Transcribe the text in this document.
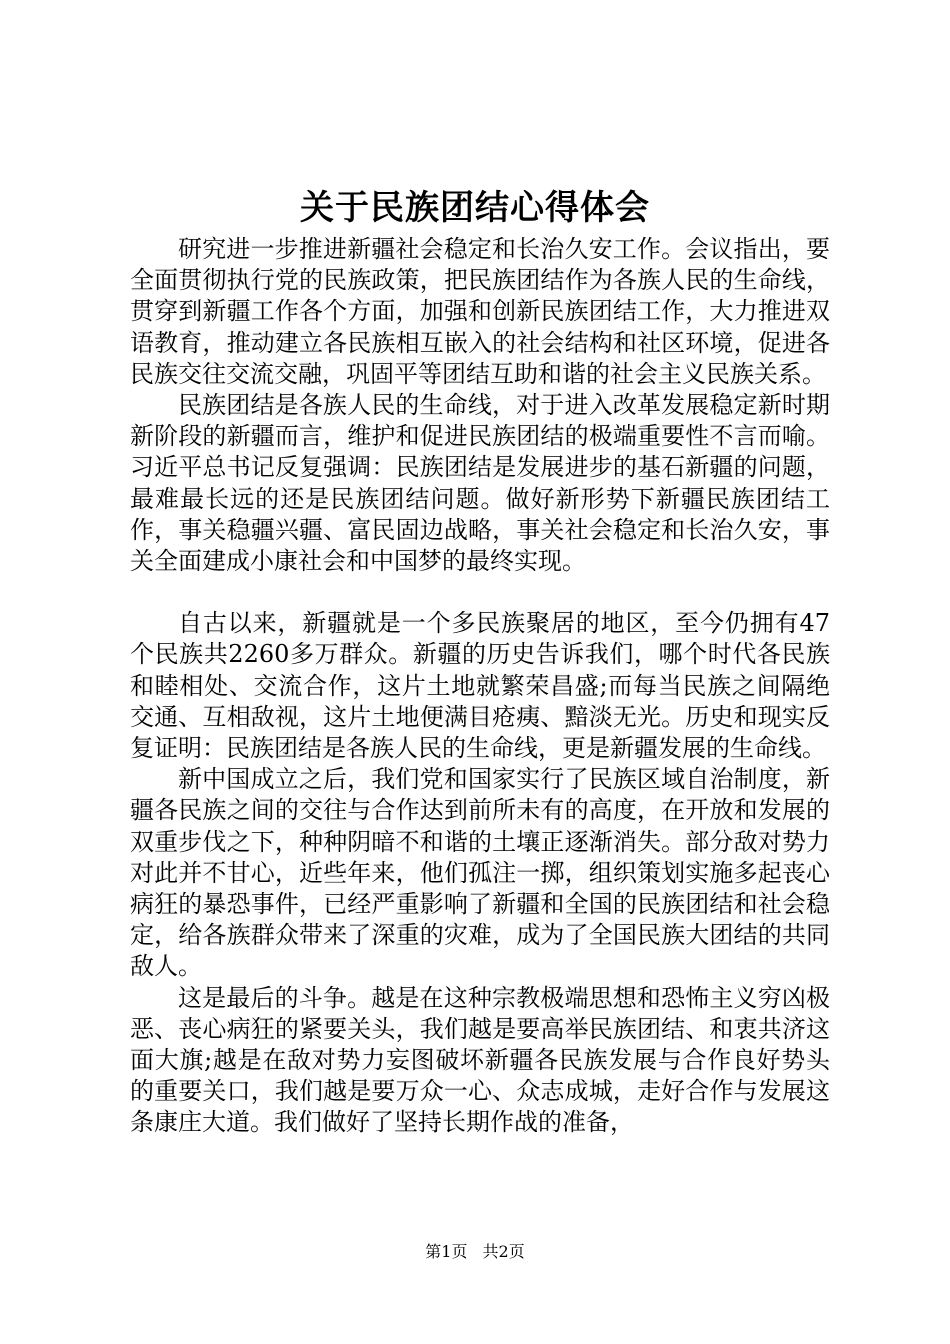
关于民族团结心得体会

研究进一步推进新疆社会稳定和长治久安工作。会议指出，要全面贯彻执行党的民族政策，把民族团结作为各族人民的生命线，贯穿到新疆工作各个方面，加强和创新民族团结工作，大力推进双语教育，推动建立各民族相互嵌入的社会结构和社区环境，促进各民族交往交流交融，巩固平等团结互助和谐的社会主义民族关系。

民族团结是各族人民的生命线，对于进入改革发展稳定新时期新阶段的新疆而言，维护和促进民族团结的极端重要性不言而喻。习近平总书记反复强调：民族团结是发展进步的基石新疆的问题，最难最长远的还是民族团结问题。做好新形势下新疆民族团结工作，事关稳疆兴疆、富民固边战略，事关社会稳定和长治久安，事关全面建成小康社会和中国梦的最终实现。

自古以来，新疆就是一个多民族聚居的地区，至今仍拥有47个民族共2260多万群众。新疆的历史告诉我们，哪个时代各民族和睦相处、交流合作，这片土地就繁荣昌盛;而每当民族之间隔绝交通、互相敌视，这片土地便满目疮痍、黯淡无光。历史和现实反复证明：民族团结是各族人民的生命线，更是新疆发展的生命线。

新中国成立之后，我们党和国家实行了民族区域自治制度，新疆各民族之间的交往与合作达到前所未有的高度，在开放和发展的双重步伐之下，种种阴暗不和谐的土壤正逐渐消失。部分敌对势力对此并不甘心，近些年来，他们孤注一掷，组织策划实施多起丧心病狂的暴恐事件，已经严重影响了新疆和全国的民族团结和社会稳定，给各族群众带来了深重的灾难，成为了全国民族大团结的共同敌人。

这是最后的斗争。越是在这种宗教极端思想和恐怖主义穷凶极恶、丧心病狂的紧要关头，我们越是要高举民族团结、和衷共济这面大旗;越是在敌对势力妄图破坏新疆各民族发展与合作良好势头的重要关口，我们越是要万众一心、众志成城，走好合作与发展这条康庄大道。我们做好了坚持长期作战的准备，

第1页 共2页
